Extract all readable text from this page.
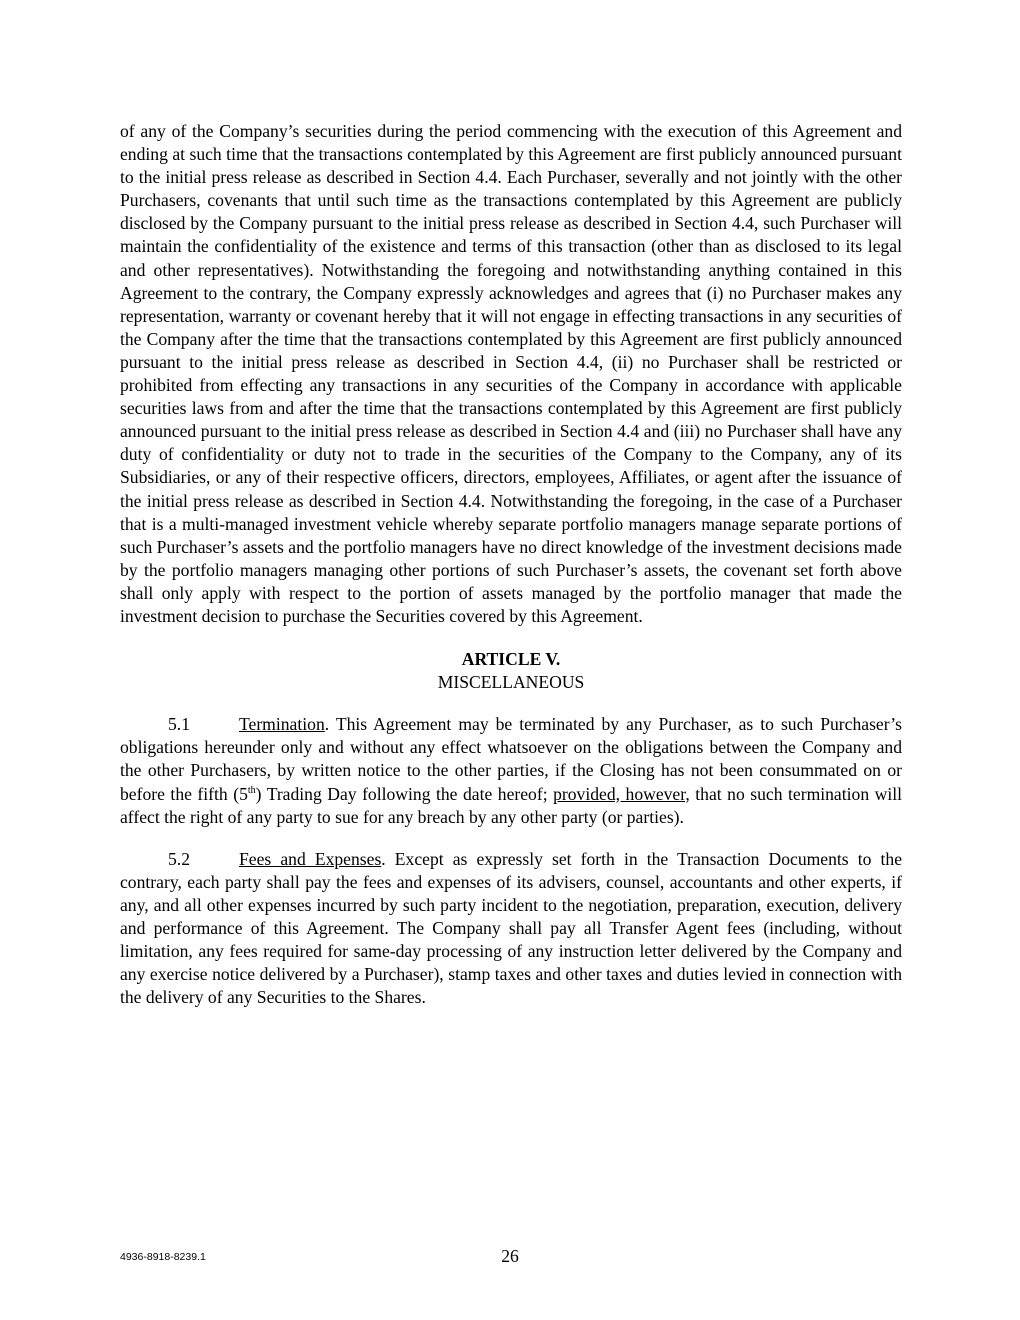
of any of the Company’s securities during the period commencing with the execution of this Agreement and ending at such time that the transactions contemplated by this Agreement are first publicly announced pursuant to the initial press release as described in Section 4.4. Each Purchaser, severally and not jointly with the other Purchasers, covenants that until such time as the transactions contemplated by this Agreement are publicly disclosed by the Company pursuant to the initial press release as described in Section 4.4, such Purchaser will maintain the confidentiality of the existence and terms of this transaction (other than as disclosed to its legal and other representatives). Notwithstanding the foregoing and notwithstanding anything contained in this Agreement to the contrary, the Company expressly acknowledges and agrees that (i) no Purchaser makes any representation, warranty or covenant hereby that it will not engage in effecting transactions in any securities of the Company after the time that the transactions contemplated by this Agreement are first publicly announced pursuant to the initial press release as described in Section 4.4, (ii) no Purchaser shall be restricted or prohibited from effecting any transactions in any securities of the Company in accordance with applicable securities laws from and after the time that the transactions contemplated by this Agreement are first publicly announced pursuant to the initial press release as described in Section 4.4 and (iii) no Purchaser shall have any duty of confidentiality or duty not to trade in the securities of the Company to the Company, any of its Subsidiaries, or any of their respective officers, directors, employees, Affiliates, or agent after the issuance of the initial press release as described in Section 4.4. Notwithstanding the foregoing, in the case of a Purchaser that is a multi-managed investment vehicle whereby separate portfolio managers manage separate portions of such Purchaser’s assets and the portfolio managers have no direct knowledge of the investment decisions made by the portfolio managers managing other portions of such Purchaser’s assets, the covenant set forth above shall only apply with respect to the portion of assets managed by the portfolio manager that made the investment decision to purchase the Securities covered by this Agreement.

ARTICLE V.
MISCELLANEOUS

5.1	Termination. This Agreement may be terminated by any Purchaser, as to such Purchaser’s obligations hereunder only and without any effect whatsoever on the obligations between the Company and the other Purchasers, by written notice to the other parties, if the Closing has not been consummated on or before the fifth (5th) Trading Day following the date hereof; provided, however, that no such termination will affect the right of any party to sue for any breach by any other party (or parties).

5.2	Fees and Expenses. Except as expressly set forth in the Transaction Documents to the contrary, each party shall pay the fees and expenses of its advisers, counsel, accountants and other experts, if any, and all other expenses incurred by such party incident to the negotiation, preparation, execution, delivery and performance of this Agreement. The Company shall pay all Transfer Agent fees (including, without limitation, any fees required for same-day processing of any instruction letter delivered by the Company and any exercise notice delivered by a Purchaser), stamp taxes and other taxes and duties levied in connection with the delivery of any Securities to the Shares.

4936-8918-8239.1	26
